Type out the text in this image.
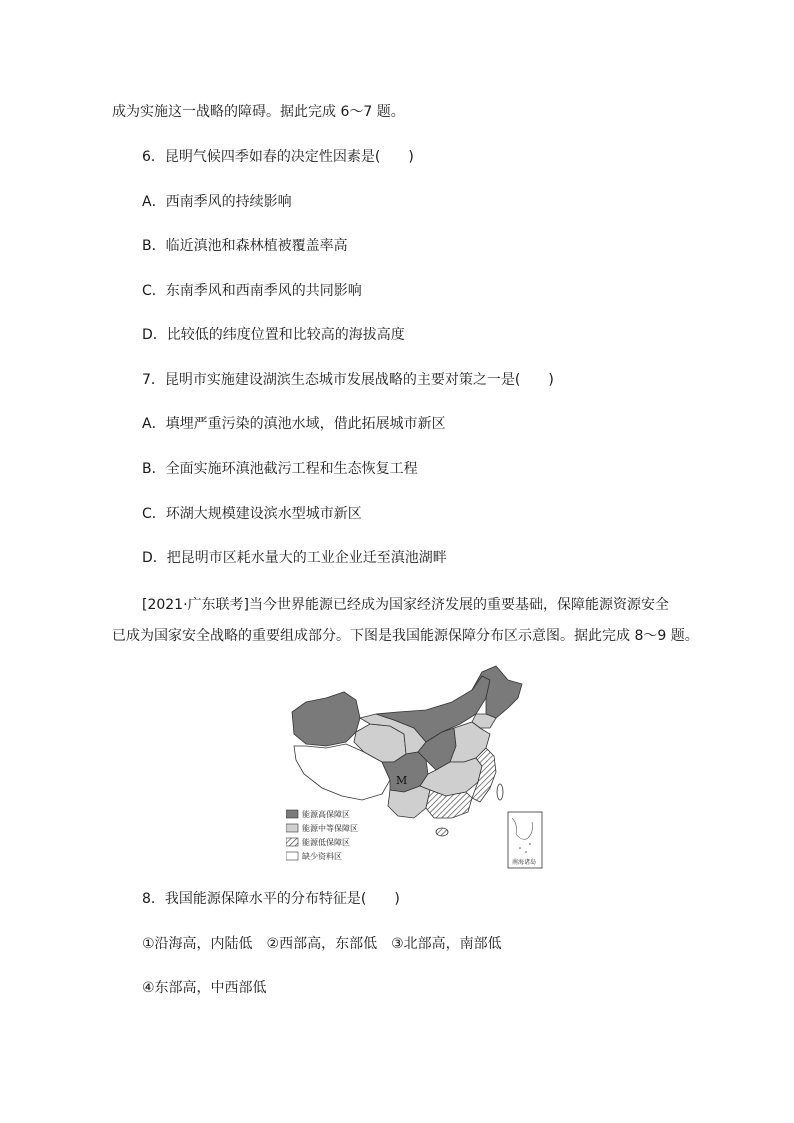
成为实施这一战略的障碍。据此完成 6～7 题。
6．昆明气候四季如春的决定性因素是(　　)
A．西南季风的持续影响
B．临近滇池和森林植被覆盖率高
C．东南季风和西南季风的共同影响
D．比较低的纬度位置和比较高的海拔高度
7．昆明市实施建设湖滨生态城市发展战略的主要对策之一是(　　)
A．填埋严重污染的滇池水域，借此拓展城市新区
B．全面实施环滇池截污工程和生态恢复工程
C．环湖大规模建设滨水型城市新区
D．把昆明市区耗水量大的工业企业迁至滇池湖畔
[2021·广东联考]当今世界能源已经成为国家经济发展的重要基础，保障能源资源安全
已成为国家安全战略的重要组成部分。下图是我国能源保障分布区示意图。据此完成 8～9 题。
M
南海诸岛
能源高保障区
能源中等保障区
能源低保障区
缺少资料区
8．我国能源保障水平的分布特征是(　　)
①沿海高，内陆低　②西部高，东部低　③北部高，南部低
④东部高，中西部低
